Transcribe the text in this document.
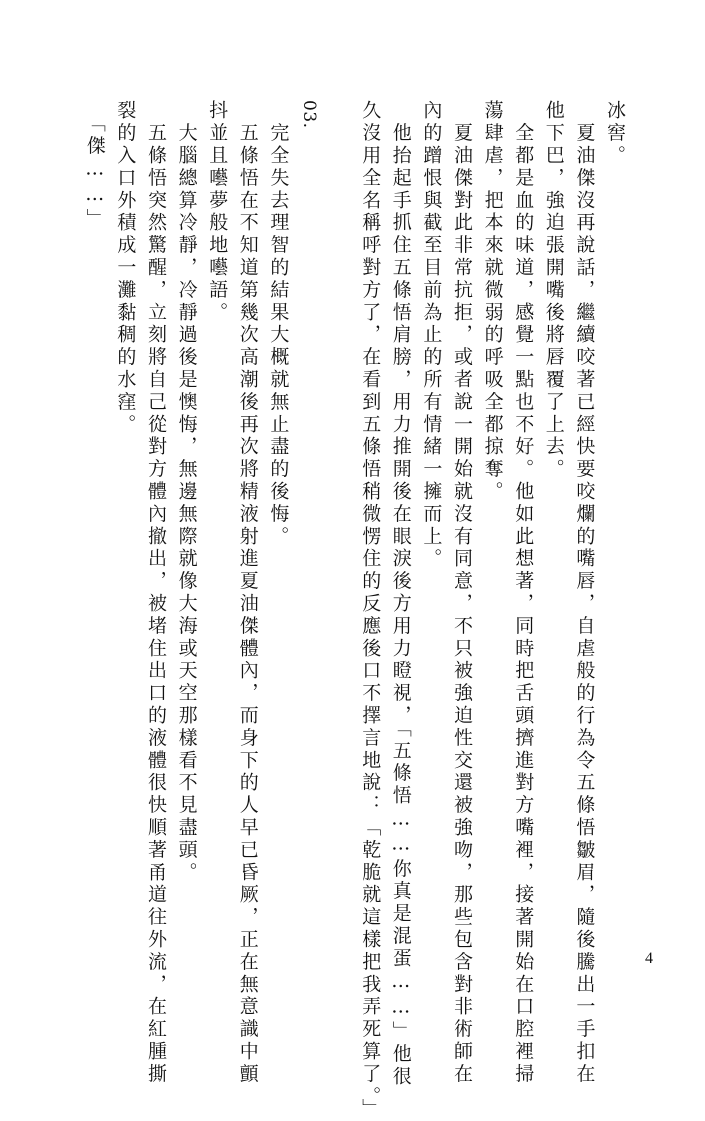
冰窖。
　夏油傑沒再說話，繼續咬著已經快要咬爛的嘴唇，自虐般的行為令五條悟皺眉，隨後騰出一手扣在
他下巴，強迫張開嘴後將唇覆了上去。
　全都是血的味道，感覺一點也不好。他如此想著，同時把舌頭擠進對方嘴裡，接著開始在口腔裡掃
蕩肆虐，把本來就微弱的呼吸全都掠奪。
　夏油傑對此非常抗拒，或者說一開始就沒有同意，不只被強迫性交還被強吻，那些包含對非術師在
內的蹭恨與截至目前為止的所有情緒一擁而上。
　他抬起手抓住五條悟肩膀，用力推開後在眼淚後方用力瞪視，「五條悟……你真是混蛋……」他很
久沒用全名稱呼對方了，在看到五條悟稍微愣住的反應後口不擇言地說：「乾脆就這樣把我弄死算了。」
03.
　完全失去理智的結果大概就無止盡的後悔。
　五條悟在不知道第幾次高潮後再次將精液射進夏油傑體內，而身下的人早已昏厥，正在無意識中顫
抖並且囈夢般地囈語。
　大腦總算冷靜，冷靜過後是懊悔，無邊無際就像大海或天空那樣看不見盡頭。
　五條悟突然驚醒，立刻將自己從對方體內撤出，被堵住出口的液體很快順著甬道往外流，在紅腫撕
裂的入口外積成一灘黏稠的水窪。
　「傑……」
4
